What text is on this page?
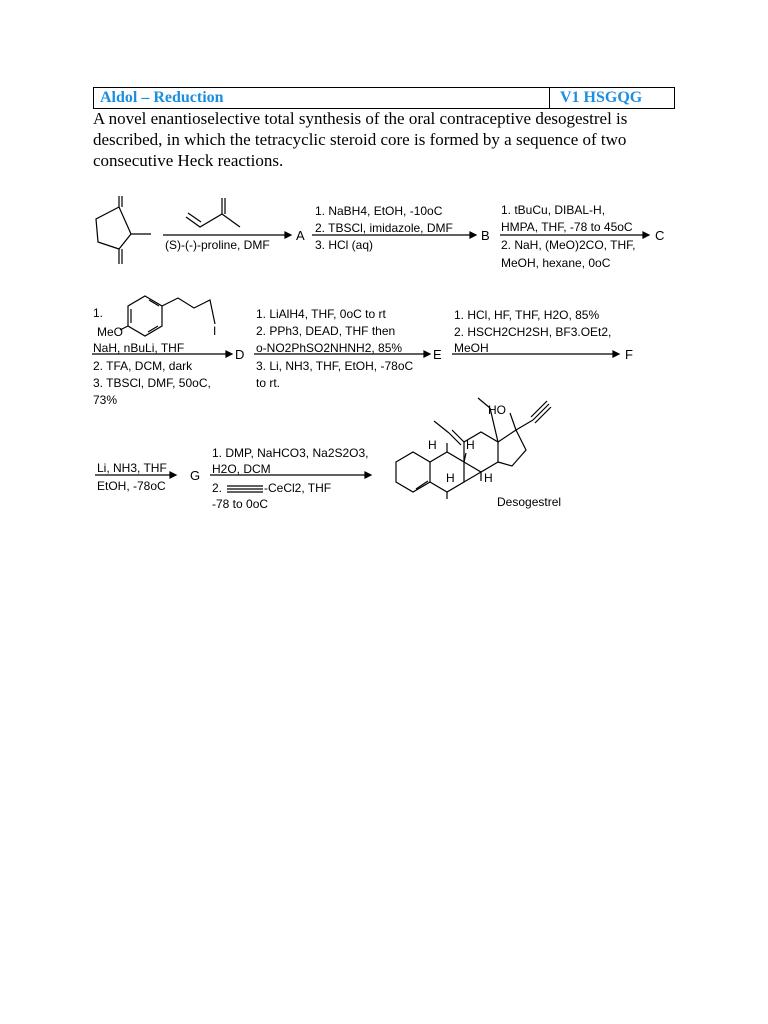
Aldol – Reduction	V1 HSGQG
A novel enantioselective total synthesis of the oral contraceptive desogestrel is described, in which the tetracyclic steroid core is formed by a sequence of two consecutive Heck reactions.
(S)-(-)-proline, DMF
A
1. NaBH4, EtOH, -10oC
2. TBSCl, imidazole, DMF
3. HCl (aq)
B
1. tBuCu, DIBAL-H,
HMPA, THF, -78 to 45oC
2. NaH, (MeO)2CO, THF,
MeOH, hexane, 0oC
C
1.
MeO	I
NaH, nBuLi, THF
2. TFA, DCM, dark
3. TBSCl, DMF, 50oC,
73%
D
1. LiAlH4, THF, 0oC to rt
2. PPh3, DEAD, THF then
o-NO2PhSO2NHNH2, 85%
3. Li, NH3, THF, EtOH, -78oC
to rt.
E
1. HCl, HF, THF, H2O, 85%
2. HSCH2CH2SH, BF3.OEt2,
MeOH	F
Li, NH3, THF
EtOH, -78oC
G
1. DMP, NaHCO3, Na2S2O3,
H2O, DCM
2.	-CeCl2, THF
-78 to 0oC
HO
H H
H H
Desogestrel
